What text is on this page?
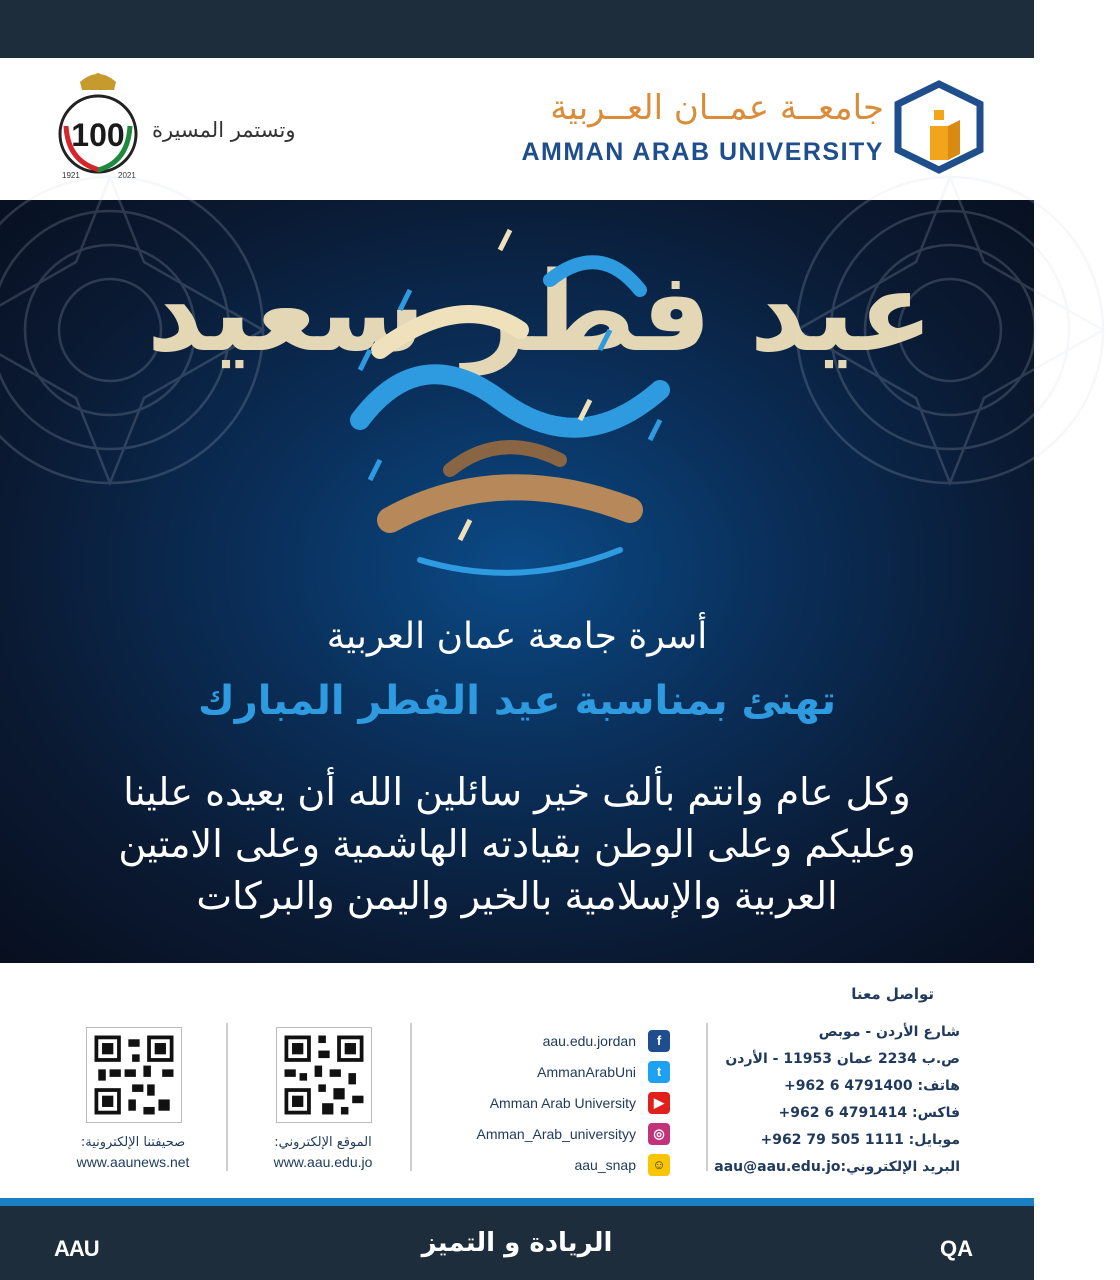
100
1921	2021
وتستمر المسيرة
جامعــة عمــان العــربية
AMMAN ARAB UNIVERSITY
عيد فطر سعيد
أسرة جامعة عمان العربية
تهنئ بمناسبة عيد الفطر المبارك
وكل عام وانتم بألف خير سائلين الله أن يعيده علينا
وعليكم وعلى الوطن بقيادته الهاشمية وعلى الامتين
العربية والإسلامية بالخير واليمن والبركات
تواصل معنا
شارع الأردن - موبص
ص.ب 2234 عمان 11953 - الأردن
هاتف: 4791400 6 962+
فاكس: 4791414 6 962+
موبايل: 1111 505 79 962+
البريد الإلكتروني:aau@aau.edu.jo
aau.edu.jordan	f
AmmanArabUni	t
Amman Arab University	▶
Amman_Arab_universityy	◎
aau_snap	☺
الموقع الإلكتروني:
www.aau.edu.jo
صحيفتنا الإلكترونية:
www.aaunews.net
AAU	الريادة و التميز	QA
